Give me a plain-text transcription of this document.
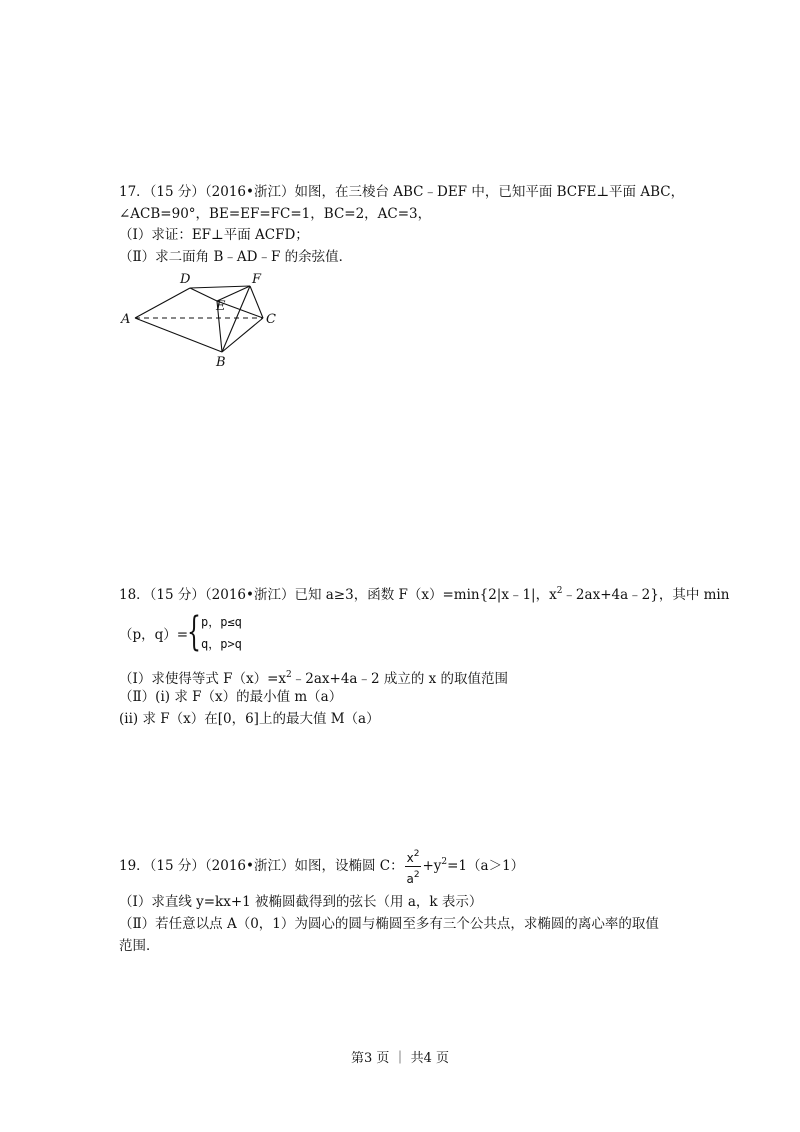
17．（15 分）（2016•浙江）如图，在三棱台 ABC﹣DEF 中，已知平面 BCFE⊥平面 ABC，
∠ACB=90°，BE=EF=FC=1，BC=2，AC=3，
（Ⅰ）求证：EF⊥平面 ACFD；
（Ⅱ）求二面角 B﹣AD﹣F 的余弦值．
A
B
C
D
E
F
18．（15 分）（2016•浙江）已知 a≥3，函数 F（x）=min{2|x﹣1|，$x^2﹣2ax+4a﹣2$}，其中 min
（p，q）=
{ p，p≤q
q，p>q
（Ⅰ）求使得等式 $F(x)=x^2﹣2ax+4a﹣2$ 成立的 x 的取值范围
（Ⅱ）(i) 求 F（x）的最小值 m（a）
(ii) 求 F（x）在[0，6]上的最大值 M（a）
19．（15 分）（2016•浙江）如图，设椭圆 C： $\frac{x^2}{a^2} +y^2=1(a>1)$
（Ⅰ）求直线 y=kx+1 被椭圆截得到的弦长（用 a，k 表示）
（Ⅱ）若任意以点 A（0，1）为圆心的圆与椭圆至多有三个公共点，求椭圆的离心率的取值
范围．
第3 页 ｜ 共4 页
